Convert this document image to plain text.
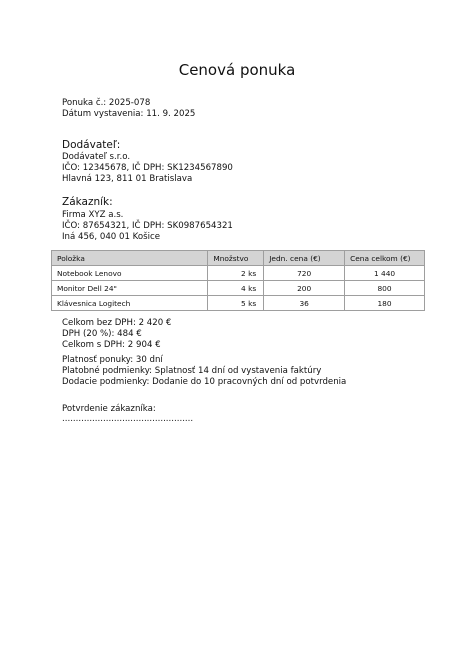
Cenová ponuka
Ponuka č.: 2025-078
Dátum vystavenia: 11. 9. 2025
Dodávateľ:
Dodávateľ s.r.o.
IČO: 12345678, IČ DPH: SK1234567890
Hlavná 123, 811 01 Bratislava
Zákazník:
Firma XYZ a.s.
IČO: 87654321, IČ DPH: SK0987654321
Iná 456, 040 01 Košice
Položka	Množstvo	Jedn. cena (€)	Cena celkom (€)
Notebook Lenovo	2 ks	720	1 440
Monitor Dell 24"	4 ks	200	800
Klávesnica Logitech	5 ks	36	180
Celkom bez DPH: 2 420 €
DPH (20 %): 484 €
Celkom s DPH: 2 904 €
Platnosť ponuky: 30 dní
Platobné podmienky: Splatnosť 14 dní od vystavenia faktúry
Dodacie podmienky: Dodanie do 10 pracovných dní od potvrdenia
Potvrdenie zákazníka:
................................................
